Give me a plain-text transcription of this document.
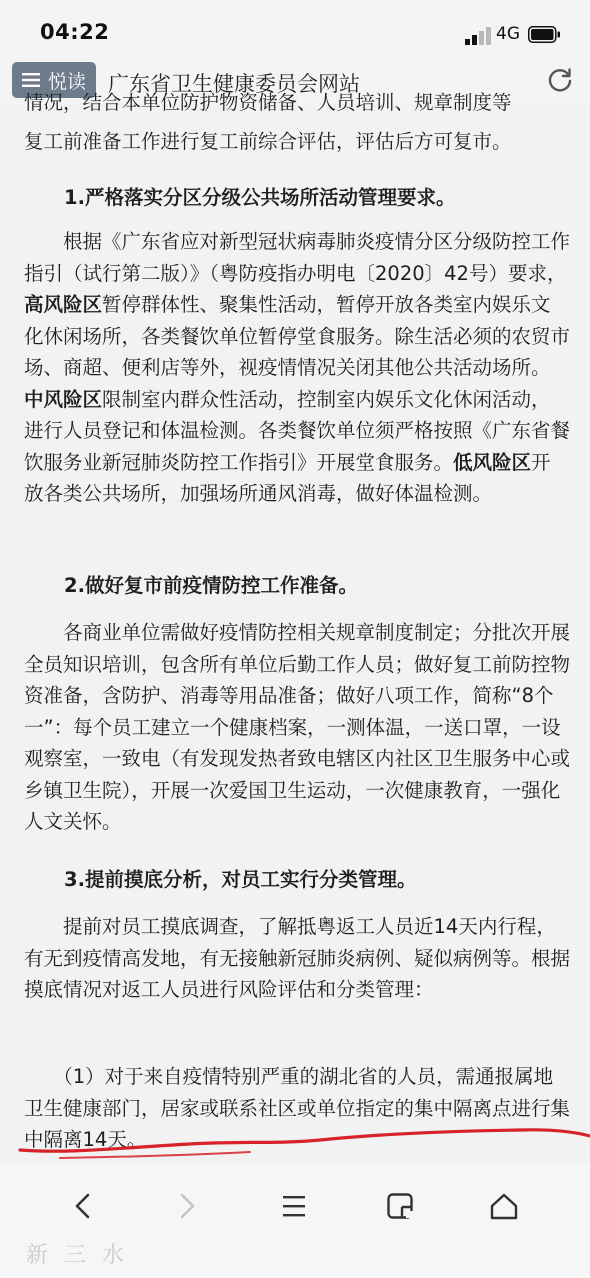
04:22	4G
悦读 广东省卫生健康委员会网站
情况，结合本单位防护物资储备、人员培训、规章制度等
复工前准备工作进行复工前综合评估，评估后方可复市。
1.严格落实分区分级公共场所活动管理要求。
　　根据《广东省应对新型冠状病毒肺炎疫情分区分级防控工作指引（试行第二版）》（粤防疫指办明电〔2020〕42号）要求，高风险区暂停群体性、聚集性活动，暂停开放各类室内娱乐文化休闲场所，各类餐饮单位暂停堂食服务。除生活必须的农贸市场、商超、便利店等外，视疫情情况关闭其他公共活动场所。中风险区限制室内群众性活动，控制室内娱乐文化休闲活动，进行人员登记和体温检测。各类餐饮单位须严格按照《广东省餐饮服务业新冠肺炎防控工作指引》开展堂食服务。低风险区开放各类公共场所，加强场所通风消毒，做好体温检测。
2.做好复市前疫情防控工作准备。
　　各商业单位需做好疫情防控相关规章制度制定；分批次开展全员知识培训，包含所有单位后勤工作人员；做好复工前防控物资准备，含防护、消毒等用品准备；做好八项工作，简称“8个一”：每个员工建立一个健康档案，一测体温，一送口罩，一设观察室，一致电（有发现发热者致电辖区内社区卫生服务中心或乡镇卫生院），开展一次爱国卫生运动，一次健康教育，一强化人文关怀。
3.提前摸底分析，对员工实行分类管理。
　　提前对员工摸底调查，了解抵粤返工人员近14天内行程，有无到疫情高发地，有无接触新冠肺炎病例、疑似病例等。根据摸底情况对返工人员进行风险评估和分类管理：
　　（1）对于来自疫情特别严重的湖北省的人员，需通报属地卫生健康部门，居家或联系社区或单位指定的集中隔离点进行集中隔离14天。
新三水
